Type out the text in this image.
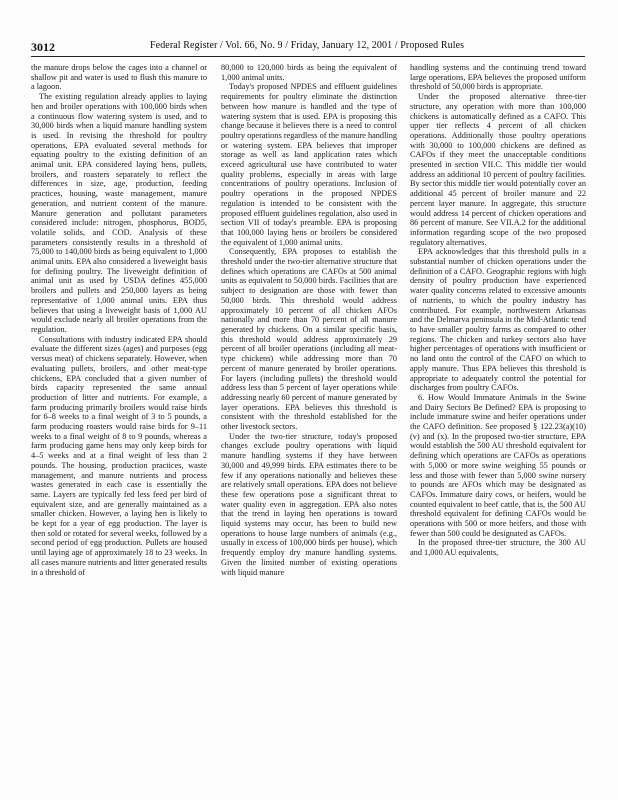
3012	Federal Register / Vol. 66, No. 9 / Friday, January 12, 2001 / Proposed Rules

the manure drops below the cages into a channel or shallow pit and water is used to flush this manure to a lagoon.

The existing regulation already applies to laying hen and broiler operations with 100,000 birds when a continuous flow watering system is used, and to 30,000 birds when a liquid manure handling system is used. In revising the threshold for poultry operations, EPA evaluated several methods for equating poultry to the existing definition of an animal unit. EPA considered laying hens, pullets, broilers, and roasters separately to reflect the differences in size, age, production, feeding practices, housing, waste management, manure generation, and nutrient content of the manure. Manure generation and pollutant parameters considered include: nitrogen, phosphorus, BOD5, volatile solids, and COD. Analysis of these parameters consistently results in a threshold of 75,000 to 140,000 birds as being equivalent to 1,000 animal units. EPA also considered a liveweight basis for defining poultry. The liveweight definition of animal unit as used by USDA defines 455,000 broilers and pullets and 250,000 layers as being representative of 1,000 animal units. EPA thus believes that using a liveweight basis of 1,000 AU would exclude nearly all broiler operations from the regulation.

Consultations with industry indicated EPA should evaluate the different sizes (ages) and purposes (egg versus meat) of chickens separately. However, when evaluating pullets, broilers, and other meat-type chickens, EPA concluded that a given number of birds capacity represented the same annual production of litter and nutrients. For example, a farm producing primarily broilers would raise birds for 6–8 weeks to a final weight of 3 to 5 pounds, a farm producing roasters would raise birds for 9–11 weeks to a final weight of 8 to 9 pounds, whereas a farm producing game hens may only keep birds for 4–5 weeks and at a final weight of less than 2 pounds. The housing, production practices, waste management, and manure nutrients and process wastes generated in each case is essentially the same. Layers are typically fed less feed per bird of equivalent size, and are generally maintained as a smaller chicken. However, a laying hen is likely to be kept for a year of egg production. The layer is then sold or rotated for several weeks, followed by a second period of egg production. Pullets are housed until laying age of approximately 18 to 23 weeks. In all cases manure nutrients and litter generated results in a threshold of

80,000 to 120,000 birds as being the equivalent of 1,000 animal units.

Today's proposed NPDES and effluent guidelines requirements for poultry eliminate the distinction between how manure is handled and the type of watering system that is used. EPA is proposing this change because it believes there is a need to control poultry operations regardless of the manure handling or watering system. EPA believes that improper storage as well as land application rates which exceed agricultural use have contributed to water quality problems, especially in areas with large concentrations of poultry operations. Inclusion of poultry operations in the proposed NPDES regulation is intended to be consistent with the proposed effluent guidelines regulation, also used in section VII of today's preamble. EPA is proposing that 100,000 laying hens or broilers be considered the equivalent of 1,000 animal units.

Consequently, EPA proposes to establish the threshold under the two-tier alternative structure that defines which operations are CAFOs at 500 animal units as equivalent to 50,000 birds. Facilities that are subject to designation are those with fewer than 50,000 birds. This threshold would address approximately 10 percent of all chicken AFOs nationally and more than 70 percent of all manure generated by chickens. On a similar specific basis, this threshold would address approximately 29 percent of all broiler operations (including all meat-type chickens) while addressing more than 70 percent of manure generated by broiler operations. For layers (including pullets) the threshold would address less than 5 percent of layer operations while addressing nearly 60 percent of manure generated by layer operations. EPA believes this threshold is consistent with the threshold established for the other livestock sectors.

Under the two-tier structure, today's proposed changes exclude poultry operations with liquid manure handling systems if they have between 30,000 and 49,999 birds. EPA estimates there to be few if any operations nationally and believes these are relatively small operations. EPA does not believe these few operations pose a significant threat to water quality even in aggregation. EPA also notes that the trend in laying hen operations is toward liquid systems may occur, has been to build new operations to house large numbers of animals (e.g., usually in excess of 100,000 birds per house), which frequently employ dry manure handling systems. Given the limited number of existing operations with liquid manure

handling systems and the continuing trend toward large operations, EPA believes the proposed uniform threshold of 50,000 birds is appropriate.

Under the proposed alternative three-tier structure, any operation with more than 100,000 chickens is automatically defined as a CAFO. This upper tier reflects 4 percent of all chicken operations. Additionally those poultry operations with 30,000 to 100,000 chickens are defined as CAFOs if they meet the unacceptable conditions presented in section VII.C. This middle tier would address an additional 10 percent of poultry facilities. By sector this middle tier would potentially cover an additional 45 percent of broiler manure and 22 percent layer manure. In aggregate, this structure would address 14 percent of chicken operations and 86 percent of manure. See VII.A.2 for the additional information regarding scope of the two proposed regulatory alternatives.

EPA acknowledges that this threshold pulls in a substantial number of chicken operations under the definition of a CAFO. Geographic regions with high density of poultry production have experienced water quality concerns related to excessive amounts of nutrients, to which the poultry industry has contributed. For example, northwestern Arkansas and the Delmarva peninsula in the Mid-Atlantic tend to have smaller poultry farms as compared to other regions. The chicken and turkey sectors also have higher percentages of operations with insufficient or no land onto the control of the CAFO on which to apply manure. Thus EPA believes this threshold is appropriate to adequately control the potential for discharges from poultry CAFOs.

6. How Would Immature Animals in the Swine and Dairy Sectors Be Defined? EPA is proposing to include immature swine and heifer operations under the CAFO definition. See proposed § 122.23(a)(10)(v) and (x). In the proposed two-tier structure, EPA would establish the 500 AU threshold equivalent for defining which operations are CAFOs as operations with 5,000 or more swine weighing 55 pounds or less and those with fewer than 5,000 swine nursery to pounds are AFOs which may be designated as CAFOs. Immature dairy cows, or heifers, would be counted equivalent to beef cattle, that is, the 500 AU threshold equivalent for defining CAFOs would be operations with 500 or more heifers, and those with fewer than 500 could be designated as CAFOs.

In the proposed three-tier structure, the 300 AU and 1,000 AU equivalents,
